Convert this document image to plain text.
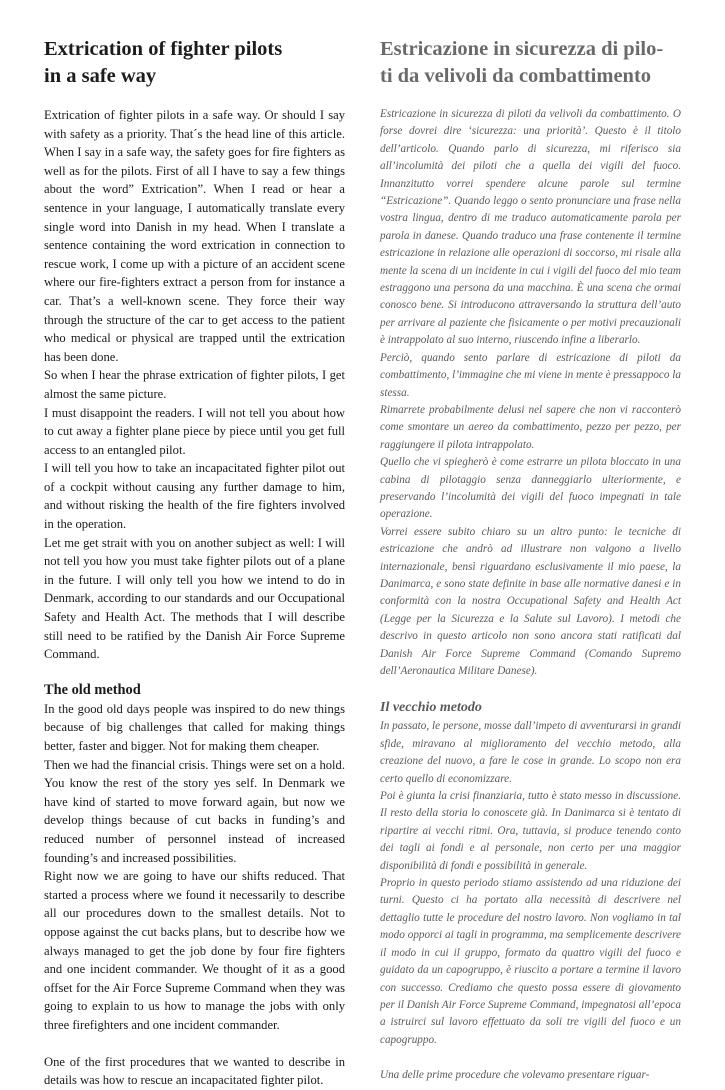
Extrication of fighter pilots
in a safe way

Extrication of fighter pilots in a safe way. Or should I say with safety as a priority. That´s the head line of this article. When I say in a safe way, the safety goes for fire fighters as well as for the pilots. First of all I have to say a few things about the word” Extrication”. When I read or hear a sentence in your language, I automatically translate every single word into Danish in my head. When I translate a sentence containing the word extrication in connection to rescue work, I come up with a picture of an accident scene where our fire-fighters extract a person from for instance a car. That’s a well-known scene. They force their way through the structure of the car to get access to the patient who medical or physical are trapped until the extrication has been done.

So when I hear the phrase extrication of fighter pilots, I get almost the same picture.

I must disappoint the readers. I will not tell you about how to cut away a fighter plane piece by piece until you get full access to an entangled pilot.

I will tell you how to take an incapacitated fighter pilot out of a cockpit without causing any further damage to him, and without risking the health of the fire fighters involved in the operation.

Let me get strait with you on another subject as well: I will not tell you how you must take fighter pilots out of a plane in the future. I will only tell you how we intend to do in Denmark, according to our standards and our Occupational Safety and Health Act. The methods that I will describe still need to be ratified by the Danish Air Force Supreme Command.

The old method

In the good old days people was inspired to do new things because of big challenges that called for making things better, faster and bigger. Not for making them cheaper.

Then we had the financial crisis. Things were set on a hold. You know the rest of the story yes self. In Denmark we have kind of started to move forward again, but now we develop things because of cut backs in funding’s and reduced number of personnel instead of increased founding’s and increased possibilities.

Right now we are going to have our shifts reduced. That started a process where we found it necessarily to describe all our procedures down to the smallest details. Not to oppose against the cut backs plans, but to describe how we always managed to get the job done by four fire fighters and one incident commander. We thought of it as a good offset for the Air Force Supreme Command when they was going to explain to us how to manage the jobs with only three firefighters and one incident commander.

One of the first procedures that we wanted to describe in details was how to rescue an incapacitated fighter pilot.

Estricazione in sicurezza di pilo-
ti da velivoli da combattimento

Estricazione in sicurezza di piloti da velivoli da combattimento. O forse dovrei dire ‘sicurezza: una priorità’. Questo è il titolo dell’articolo. Quando parlo di sicurezza, mi riferisco sia all’incolumità dei piloti che a quella dei vigili del fuoco. Innanzitutto vorrei spendere alcune parole sul termine “Estricazione”. Quando leggo o sento pronunciare una frase nella vostra lingua, dentro di me traduco automaticamente parola per parola in danese. Quando traduco una frase contenente il termine estricazione in relazione alle operazioni di soccorso, mi risale alla mente la scena di un incidente in cui i vigili del fuoco del mio team estraggono una persona da una macchina. È una scena che ormai conosco bene. Si introducono attraversando la struttura dell’auto per arrivare al paziente che fisicamente o per motivi precauzionali è intrappolato al suo interno, riuscendo infine a liberarlo.

Perciò, quando sento parlare di estricazione di piloti da combattimento, l’immagine che mi viene in mente è pressappoco la stessa.

Rimarrete probabilmente delusi nel sapere che non vi racconterò come smontare un aereo da combattimento, pezzo per pezzo, per raggiungere il pilota intrappolato.

Quello che vi spiegherò è come estrarre un pilota bloccato in una cabina di pilotaggio senza danneggiarlo ulteriormente, e preservando l’incolumità dei vigili del fuoco impegnati in tale operazione.

Vorrei essere subito chiaro su un altro punto: le tecniche di estricazione che andrò ad illustrare non valgono a livello internazionale, bensì riguardano esclusivamente il mio paese, la Danimarca, e sono state definite in base alle normative danesi e in conformità con la nostra Occupational Safety and Health Act (Legge per la Sicurezza e la Salute sul Lavoro). I metodi che descrivo in questo articolo non sono ancora stati ratificati dal Danish Air Force Supreme Command (Comando Supremo dell’Aeronautica Militare Danese).

Il vecchio metodo

In passato, le persone, mosse dall’impeto di avventurarsi in grandi sfide, miravano al miglioramento del vecchio metodo, alla creazione del nuovo, a fare le cose in grande. Lo scopo non era certo quello di economizzare.

Poi è giunta la crisi finanziaria, tutto è stato messo in discussione. Il resto della storia lo conoscete già. In Danimarca si è tentato di ripartire ai vecchi ritmi. Ora, tuttavia, si produce tenendo conto dei tagli ai fondi e al personale, non certo per una maggior disponibilità di fondi e possibilità in generale.

Proprio in questo periodo stiamo assistendo ad una riduzione dei turni. Questo ci ha portato alla necessità di descrivere nel dettaglio tutte le procedure del nostro lavoro. Non vogliamo in tal modo opporci ai tagli in programma, ma semplicemente descrivere il modo in cui il gruppo, formato da quattro vigili del fuoco e guidato da un capogruppo, è riuscito a portare a termine il lavoro con successo. Crediamo che questo possa essere di giovamento per il Danish Air Force Supreme Command, impegnatosi all’epoca a istruirci sul lavoro effettuato da soli tre vigili del fuoco e un capogruppo.

Una delle prime procedure che volevamo presentare riguar-
